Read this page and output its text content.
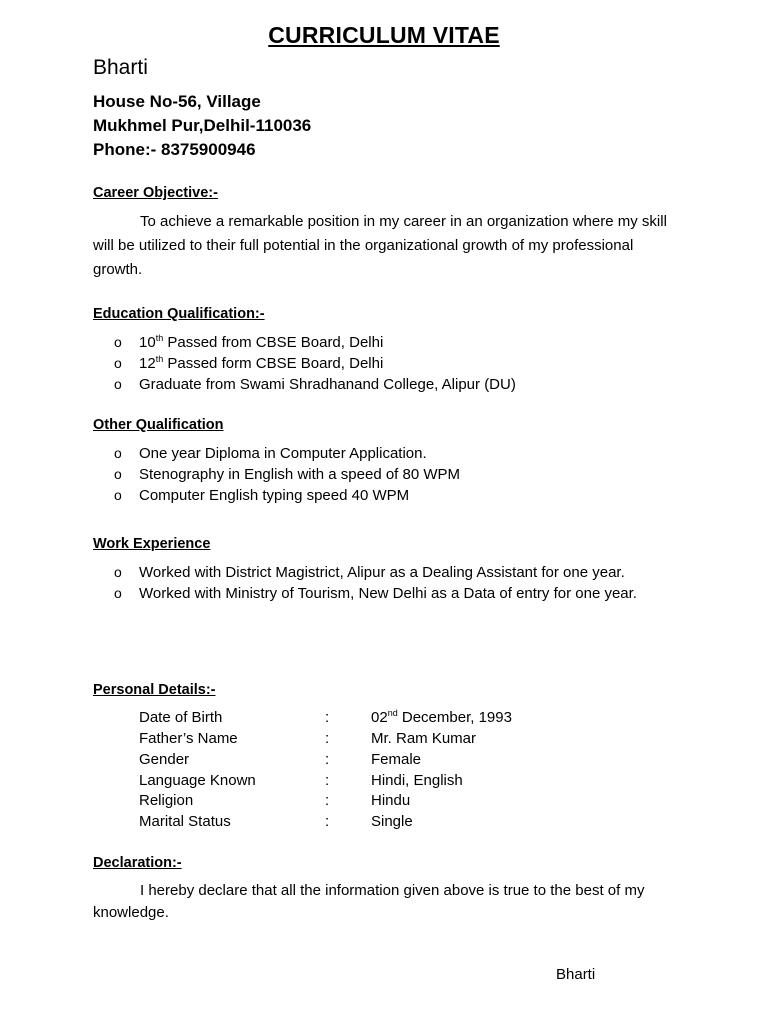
CURRICULUM VITAE
Bharti
House No-56, Village
Mukhmel Pur,Delhil-110036
Phone:- 8375900946
Career Objective:-
To achieve a remarkable position in my career in an organization where my skill will be utilized to their full potential in the organizational growth of my professional growth.
Education Qualification:-
o 10th Passed from CBSE Board, Delhi
o 12th Passed form CBSE Board, Delhi
o Graduate from Swami Shradhanand College, Alipur (DU)
Other Qualification
o One year Diploma in Computer Application.
o Stenography in English with a speed of 80 WPM
o Computer English typing speed 40 WPM
Work Experience
o Worked with District Magistrict, Alipur as a Dealing Assistant for one year.
o Worked with Ministry of Tourism, New Delhi as a Data of entry for one year.
Personal Details:-
Date of Birth	:	02nd December, 1993
Father’s Name	:	Mr. Ram Kumar
Gender	:	Female
Language Known	:	Hindi, English
Religion	:	Hindu
Marital Status	:	Single
Declaration:-
I hereby declare that all the information given above is true to the best of my knowledge.
Bharti
